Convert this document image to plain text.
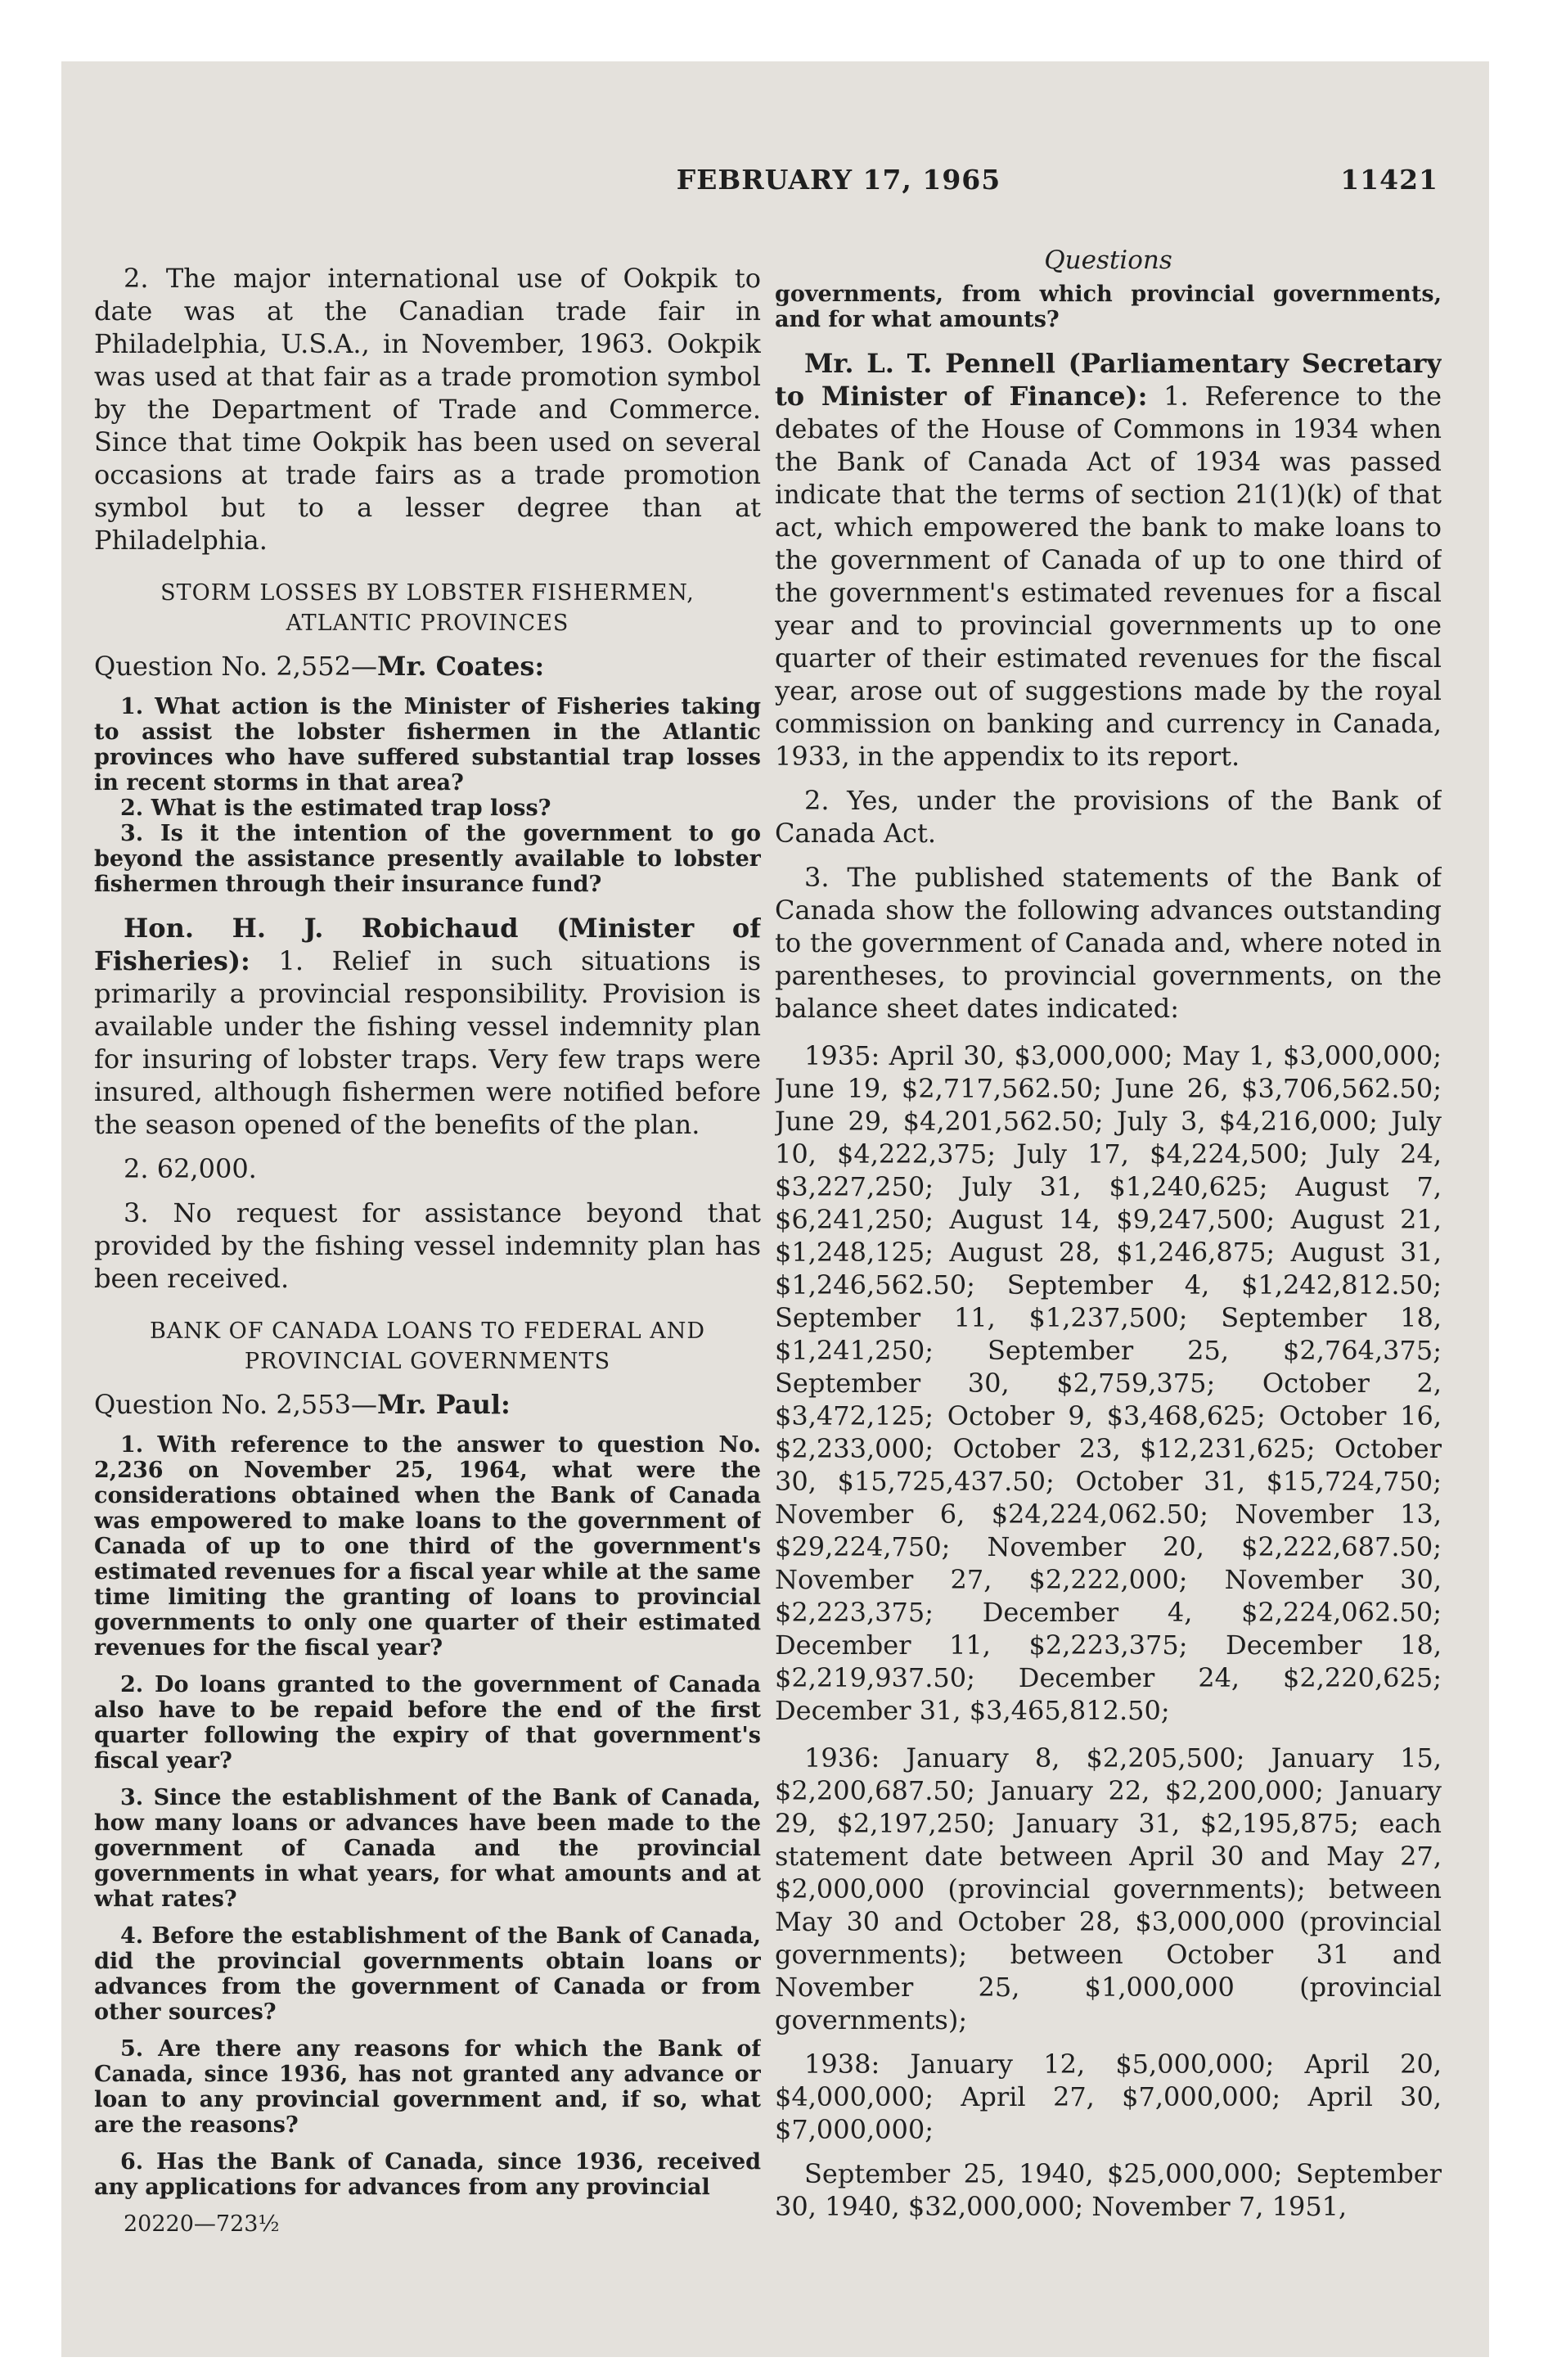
FEBRUARY 17, 1965	11421

2. The major international use of Ookpik to date was at the Canadian trade fair in Philadelphia, U.S.A., in November, 1963. Ookpik was used at that fair as a trade promotion symbol by the Department of Trade and Commerce. Since that time Ookpik has been used on several occasions at trade fairs as a trade promotion symbol but to a lesser degree than at Philadelphia.

STORM LOSSES BY LOBSTER FISHERMEN, ATLANTIC PROVINCES

Question No. 2,552—Mr. Coates:

1. What action is the Minister of Fisheries taking to assist the lobster fishermen in the Atlantic provinces who have suffered substantial trap losses in recent storms in that area?

2. What is the estimated trap loss?

3. Is it the intention of the government to go beyond the assistance presently available to lobster fishermen through their insurance fund?

Hon. H. J. Robichaud (Minister of Fisheries): 1. Relief in such situations is primarily a provincial responsibility. Provision is available under the fishing vessel indemnity plan for insuring of lobster traps. Very few traps were insured, although fishermen were notified before the season opened of the benefits of the plan.

2. 62,000.

3. No request for assistance beyond that provided by the fishing vessel indemnity plan has been received.

BANK OF CANADA LOANS TO FEDERAL AND PROVINCIAL GOVERNMENTS

Question No. 2,553—Mr. Paul:

1. With reference to the answer to question No. 2,236 on November 25, 1964, what were the considerations obtained when the Bank of Canada was empowered to make loans to the government of Canada of up to one third of the government's estimated revenues for a fiscal year while at the same time limiting the granting of loans to provincial governments to only one quarter of their estimated revenues for the fiscal year?

2. Do loans granted to the government of Canada also have to be repaid before the end of the first quarter following the expiry of that government's fiscal year?

3. Since the establishment of the Bank of Canada, how many loans or advances have been made to the government of Canada and the provincial governments in what years, for what amounts and at what rates?

4. Before the establishment of the Bank of Canada, did the provincial governments obtain loans or advances from the government of Canada or from other sources?

5. Are there any reasons for which the Bank of Canada, since 1936, has not granted any advance or loan to any provincial government and, if so, what are the reasons?

6. Has the Bank of Canada, since 1936, received any applications for advances from any provincial

20220—723½

Questions

governments, from which provincial governments, and for what amounts?

Mr. L. T. Pennell (Parliamentary Secretary to Minister of Finance): 1. Reference to the debates of the House of Commons in 1934 when the Bank of Canada Act of 1934 was passed indicate that the terms of section 21(1)(k) of that act, which empowered the bank to make loans to the government of Canada of up to one third of the government's estimated revenues for a fiscal year and to provincial governments up to one quarter of their estimated revenues for the fiscal year, arose out of suggestions made by the royal commission on banking and currency in Canada, 1933, in the appendix to its report.

2. Yes, under the provisions of the Bank of Canada Act.

3. The published statements of the Bank of Canada show the following advances outstanding to the government of Canada and, where noted in parentheses, to provincial governments, on the balance sheet dates indicated:

1935: April 30, $3,000,000; May 1, $3,000,000; June 19, $2,717,562.50; June 26, $3,706,562.50; June 29, $4,201,562.50; July 3, $4,216,000; July 10, $4,222,375; July 17, $4,224,500; July 24, $3,227,250; July 31, $1,240,625; August 7, $6,241,250; August 14, $9,247,500; August 21, $1,248,125; August 28, $1,246,875; August 31, $1,246,562.50; September 4, $1,242,812.50; September 11, $1,237,500; September 18, $1,241,250; September 25, $2,764,375; September 30, $2,759,375; October 2, $3,472,125; October 9, $3,468,625; October 16, $2,233,000; October 23, $12,231,625; October 30, $15,725,437.50; October 31, $15,724,750; November 6, $24,224,062.50; November 13, $29,224,750; November 20, $2,222,687.50; November 27, $2,222,000; November 30, $2,223,375; December 4, $2,224,062.50; December 11, $2,223,375; December 18, $2,219,937.50; December 24, $2,220,625; December 31, $3,465,812.50;

1936: January 8, $2,205,500; January 15, $2,200,687.50; January 22, $2,200,000; January 29, $2,197,250; January 31, $2,195,875; each statement date between April 30 and May 27, $2,000,000 (provincial governments); between May 30 and October 28, $3,000,000 (provincial governments); between October 31 and November 25, $1,000,000 (provincial governments);

1938: January 12, $5,000,000; April 20, $4,000,000; April 27, $7,000,000; April 30, $7,000,000;

September 25, 1940, $25,000,000; September 30, 1940, $32,000,000; November 7, 1951,
